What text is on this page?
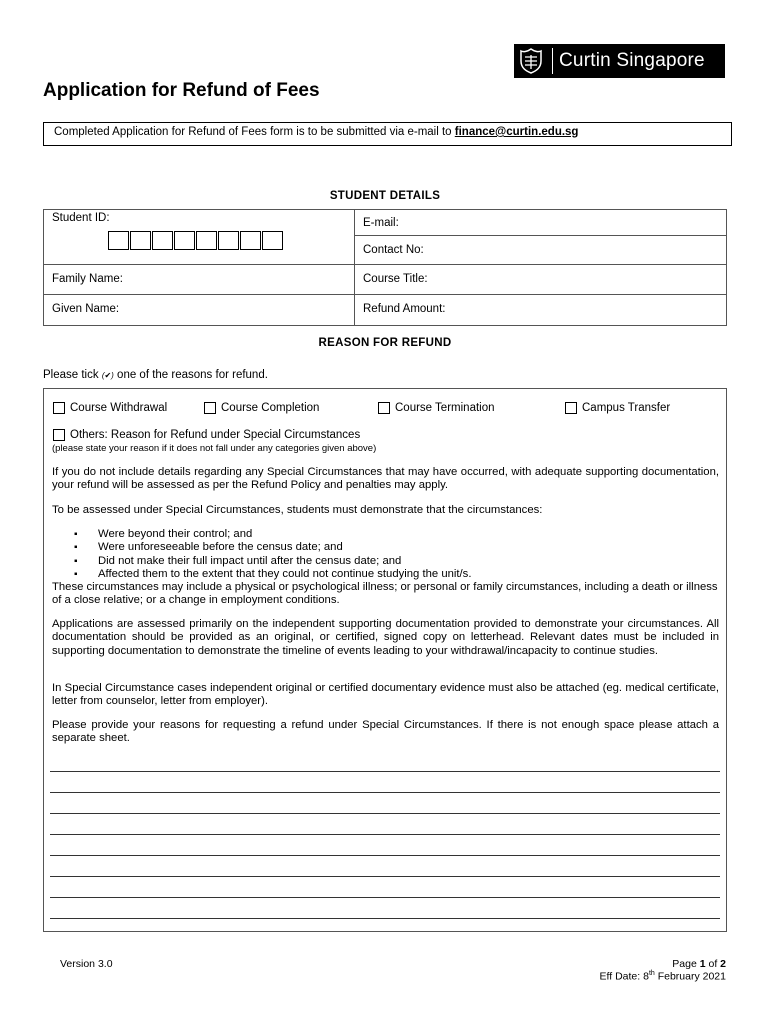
Curtin Singapore
Application for Refund of Fees
Completed Application for Refund of Fees form is to be submitted via e-mail to finance@curtin.edu.sg
STUDENT DETAILS
Student ID:	E-mail:
Contact No:
Family Name:	Course Title:
Given Name:	Refund Amount:
REASON FOR REFUND
Please tick (✔) one of the reasons for refund.
Course Withdrawal	Course Completion	Course Termination	Campus Transfer
Others: Reason for Refund under Special Circumstances
(please state your reason if it does not fall under any categories given above)
If you do not include details regarding any Special Circumstances that may have occurred, with adequate supporting documentation, your refund will be assessed as per the Refund Policy and penalties may apply.
To be assessed under Special Circumstances, students must demonstrate that the circumstances:
▪ Were beyond their control; and
▪ Were unforeseeable before the census date; and
▪ Did not make their full impact until after the census date; and
▪ Affected them to the extent that they could not continue studying the unit/s.
These circumstances may include a physical or psychological illness; or personal or family circumstances, including a death or illness of a close relative; or a change in employment conditions.
Applications are assessed primarily on the independent supporting documentation provided to demonstrate your circumstances. All documentation should be provided as an original, or certified, signed copy on letterhead. Relevant dates must be included in supporting documentation to demonstrate the timeline of events leading to your withdrawal/incapacity to continue studies.
In Special Circumstance cases independent original or certified documentary evidence must also be attached (eg. medical certificate, letter from counselor, letter from employer).
Please provide your reasons for requesting a refund under Special Circumstances. If there is not enough space please attach a separate sheet.
Version 3.0	Page 1 of 2
Eff Date: 8th February 2021
